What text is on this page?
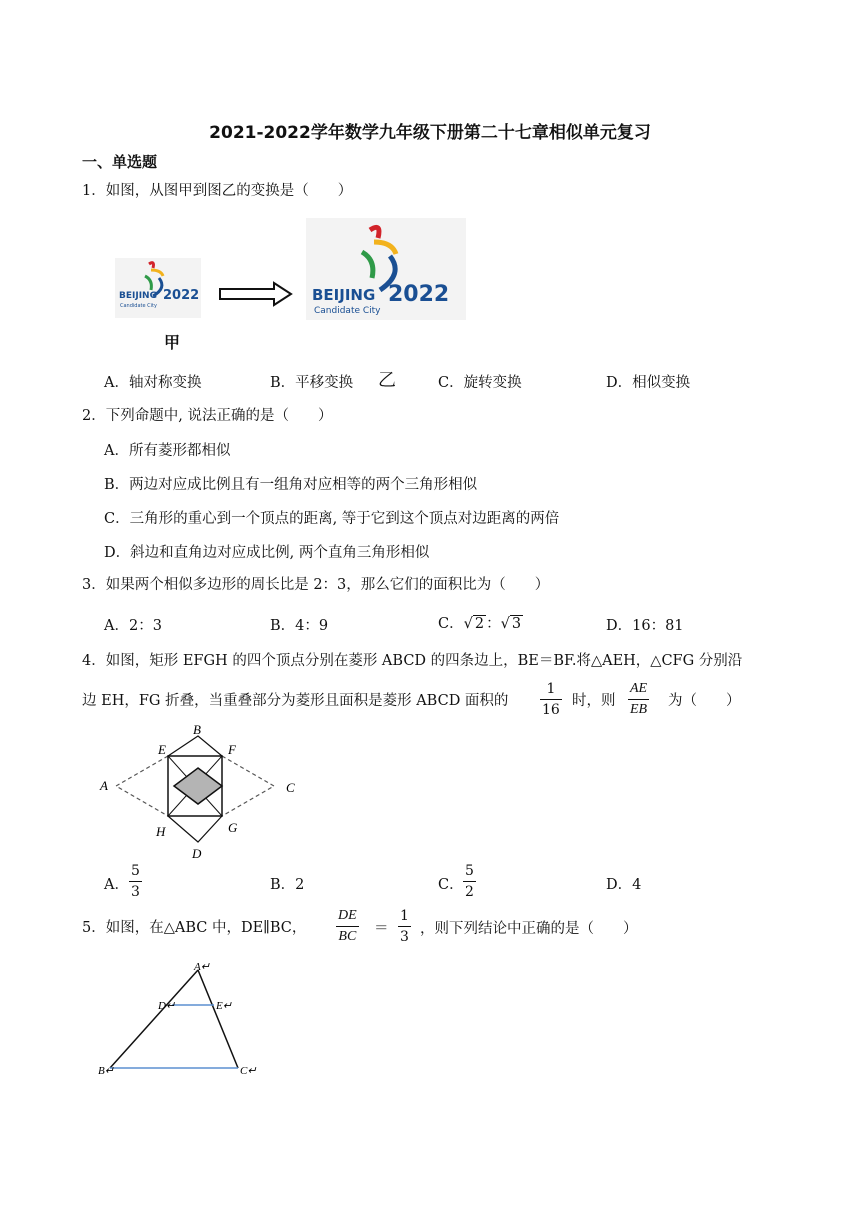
2021-2022学年数学九年级下册第二十七章相似单元复习
一、单选题
1．如图，从图甲到图乙的变换是（　　）
BEIJING 2022
Candidate City
BEIJING 2022
Candidate City
甲
乙
A．轴对称变换	B．平移变换	C．旋转变换	D．相似变换
2．下列命题中, 说法正确的是（　　）
A．所有菱形都相似
B．两边对应成比例且有一组角对应相等的两个三角形相似
C．三角形的重心到一个顶点的距离, 等于它到这个顶点对边距离的两倍
D．斜边和直角边对应成比例, 两个直角三角形相似
3．如果两个相似多边形的周长比是 2：3，那么它们的面积比为（　　）
A．2：3	B．4：9	C．√ 2 ：√ 3	D．16：81
4．如图，矩形 EFGH 的四个顶点分别在菱形 ABCD 的四条边上，BE＝BF.将△AEH，△CFG 分别沿
边 EH，FG 折叠，当重叠部分为菱形且面积是菱形 ABCD 面积的 $\frac{1}{16}$ 时，则 $\frac{AE}{EB}$ 为（　　）
A
B
C
D
E	F
G
H
A． $\frac{5}{3}$	B．2	C． $\frac{5}{2}$	D．4
5．如图，在△ABC 中，DE∥BC， $\frac{DE}{BC} = \frac{1}{3}$ ，则下列结论中正确的是（　　）
A↵
D↵	E↵
B↵	C↵
